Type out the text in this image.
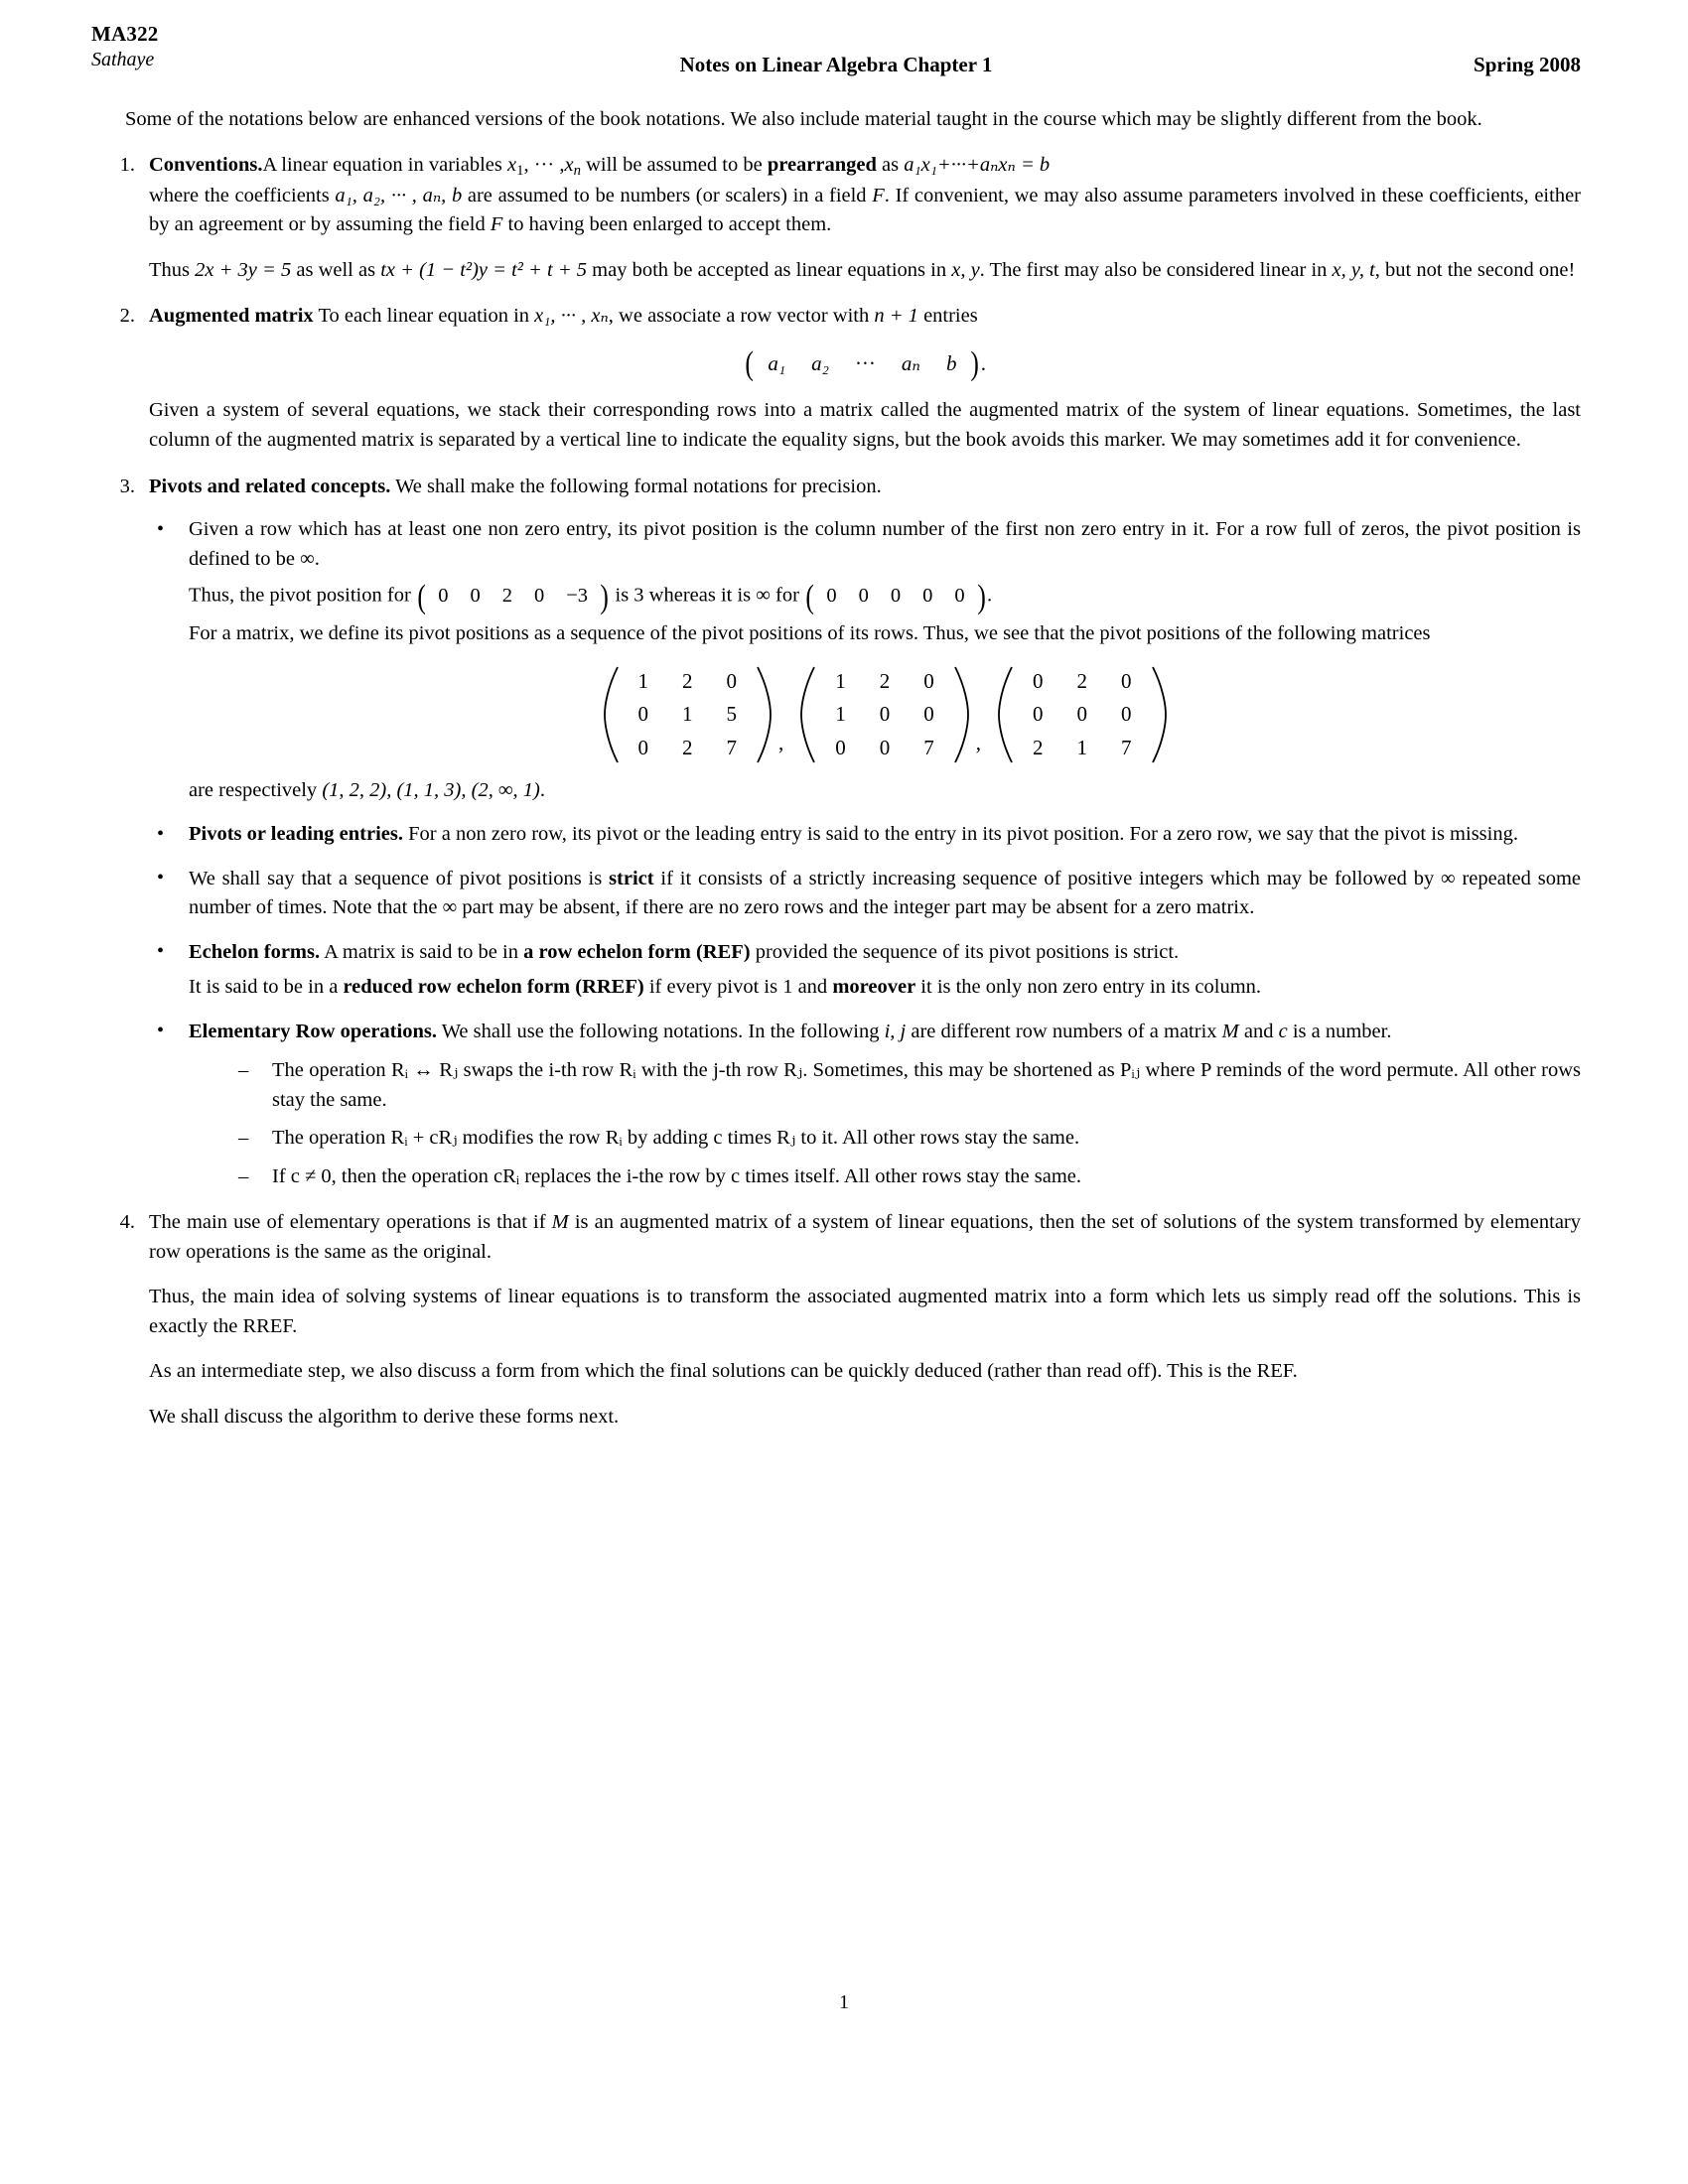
MA322
Sathaye	Notes on Linear Algebra Chapter 1	Spring 2008

Some of the notations below are enhanced versions of the book notations. We also include material taught in the course which may be slightly different from the book.

1. Conventions.A linear equation in variables $x_1$, ··· $,x_n$ will be assumed to be prearranged as a₁x₁+···+aₙxₙ = b
where the coefficients a₁, a₂, ··· , aₙ, b are assumed to be numbers (or scalers) in a field F. If convenient, we may also assume parameters involved in these coefficients, either by an agreement or by assuming the field F to having been enlarged to accept them.

Thus 2x + 3y = 5 as well as tx + (1 − t²)y = t² + t + 5 may both be accepted as linear equations in x, y. The first may also be considered linear in x, y, t, but not the second one!

2. Augmented matrix To each linear equation in x₁, ··· , xₙ, we associate a row vector with n + 1 entries

( a₁	a₂	···	aₙ	b ) .

Given a system of several equations, we stack their corresponding rows into a matrix called the augmented matrix of the system of linear equations. Sometimes, the last column of the augmented matrix is separated by a vertical line to indicate the equality signs, but the book avoids this marker. We may sometimes add it for convenience.

3. Pivots and related concepts. We shall make the following formal notations for precision.

• Given a row which has at least one non zero entry, its pivot position is the column number of the first non zero entry in it. For a row full of zeros, the pivot position is defined to be ∞.

Thus, the pivot position for ( 0	0	2	0	−3 ) is 3 whereas it is ∞ for ( 0	0	0	0	0 ) .

For a matrix, we define its pivot positions as a sequence of the pivot positions of its rows. Thus, we see that the pivot positions of the following matrices

1	2	0
0	1	5
0	2	7 ,
1	2	0
1	0	0
0	0	7 ,
0	2	0
0	0	0
2	1	7

are respectively (1, 2, 2), (1, 1, 3), (2, ∞, 1).

• Pivots or leading entries. For a non zero row, its pivot or the leading entry is said to the entry in its pivot position. For a zero row, we say that the pivot is missing.

• We shall say that a sequence of pivot positions is strict if it consists of a strictly increasing sequence of positive integers which may be followed by ∞ repeated some number of times. Note that the ∞ part may be absent, if there are no zero rows and the integer part may be absent for a zero matrix.

• Echelon forms. A matrix is said to be in a row echelon form (REF) provided the sequence of its pivot positions is strict.

It is said to be in a reduced row echelon form (RREF) if every pivot is 1 and moreover it is the only non zero entry in its column.

• Elementary Row operations. We shall use the following notations. In the following i, j are different row numbers of a matrix M and c is a number.

– The operation Rᵢ ↔ Rⱼ swaps the i-th row Rᵢ with the j-th row Rⱼ. Sometimes, this may be shortened as Pᵢⱼ where P reminds of the word permute. All other rows stay the same.

– The operation Rᵢ + cRⱼ modifies the row Rᵢ by adding c times Rⱼ to it. All other rows stay the same.

– If c ≠ 0, then the operation cRᵢ replaces the i-the row by c times itself. All other rows stay the same.

4. The main use of elementary operations is that if M is an augmented matrix of a system of linear equations, then the set of solutions of the system transformed by elementary row operations is the same as the original.

Thus, the main idea of solving systems of linear equations is to transform the associated augmented matrix into a form which lets us simply read off the solutions. This is exactly the RREF.

As an intermediate step, we also discuss a form from which the final solutions can be quickly deduced (rather than read off). This is the REF.

We shall discuss the algorithm to derive these forms next.

1
